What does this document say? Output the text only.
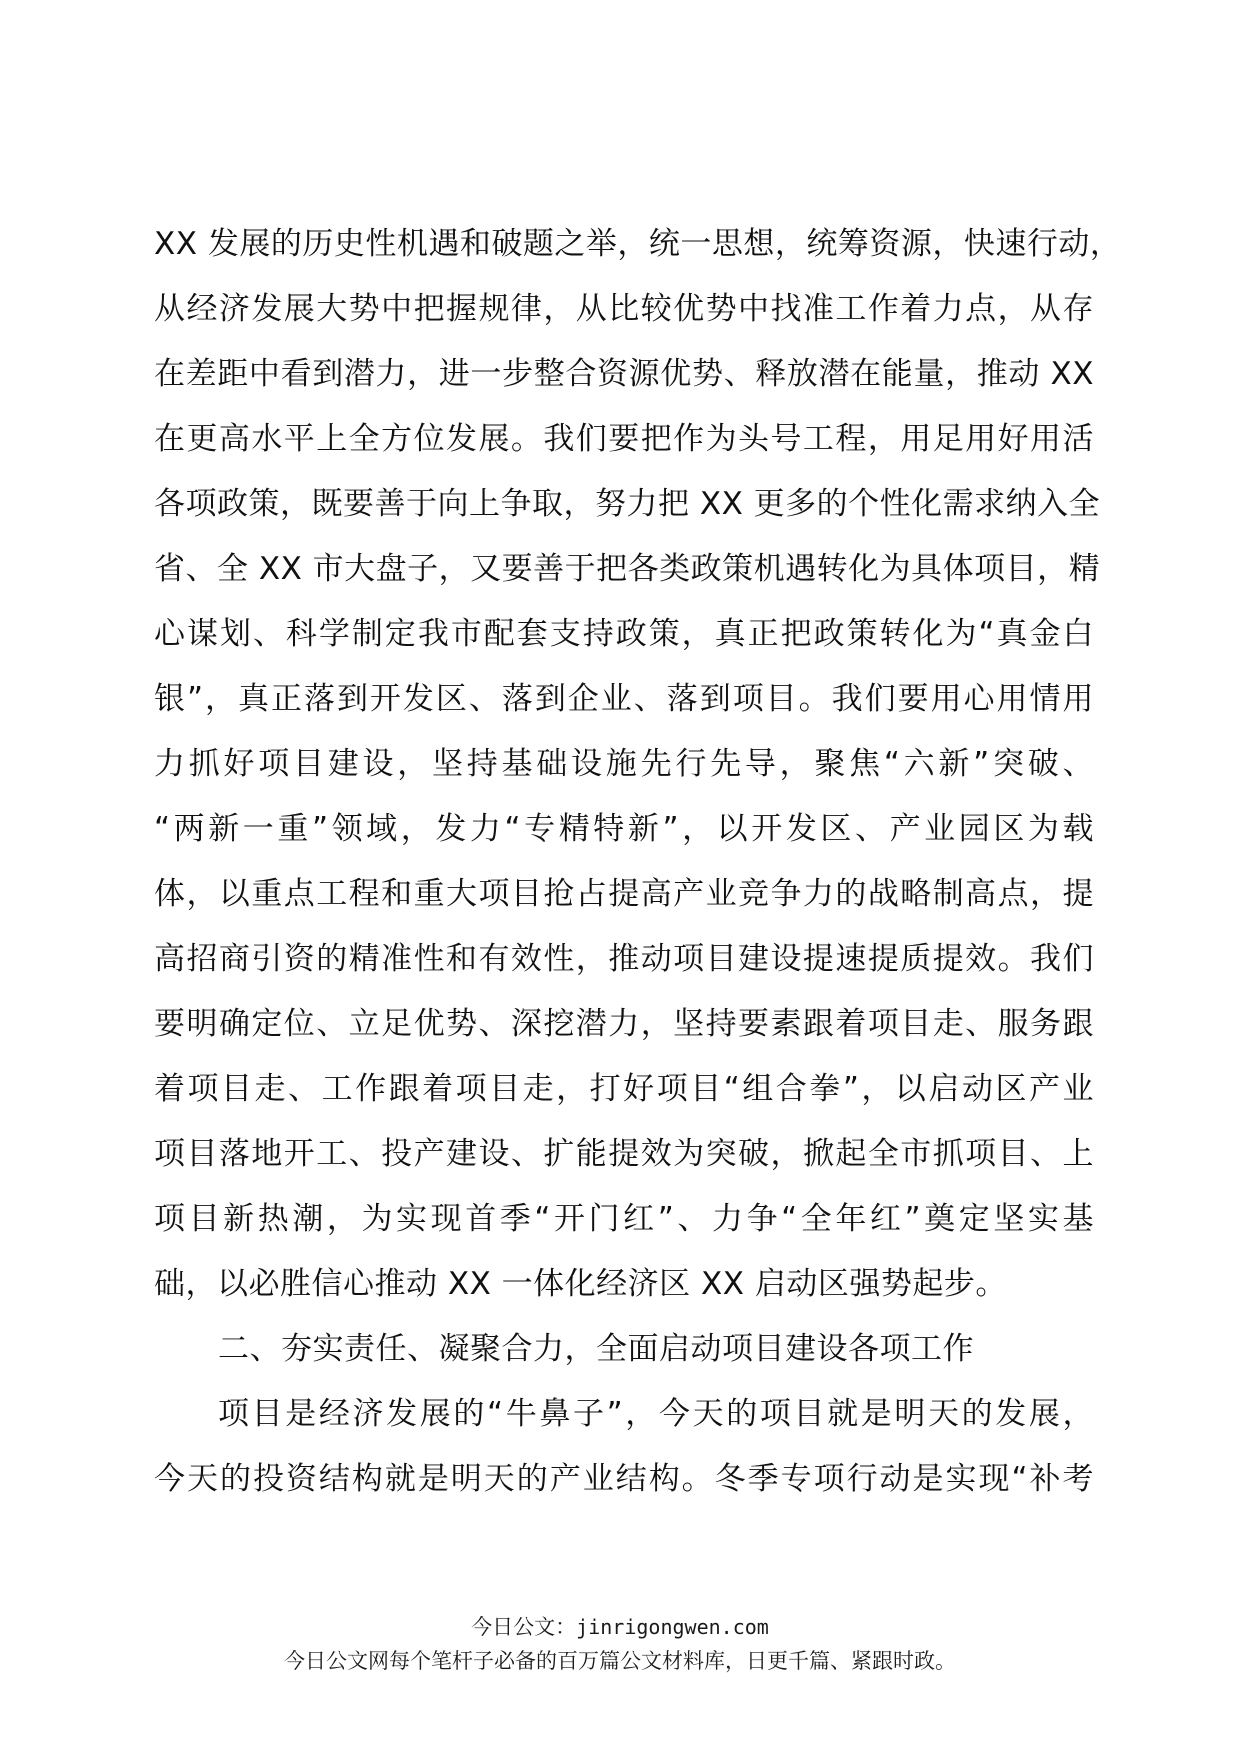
XX 发展的历史性机遇和破题之举，统一思想，统筹资源，快速行动，
从经济发展大势中把握规律，从比较优势中找准工作着力点，从存
在差距中看到潜力，进一步整合资源优势、释放潜在能量，推动 XX
在更高水平上全方位发展。我们要把作为头号工程，用足用好用活
各项政策，既要善于向上争取，努力把 XX 更多的个性化需求纳入全
省、全 XX 市大盘子，又要善于把各类政策机遇转化为具体项目，精
心谋划、科学制定我市配套支持政策，真正把政策转化为“真金白
银”，真正落到开发区、落到企业、落到项目。我们要用心用情用
力抓好项目建设，坚持基础设施先行先导，聚焦“六新”突破、
“两新一重”领域，发力“专精特新”，以开发区、产业园区为载
体，以重点工程和重大项目抢占提高产业竞争力的战略制高点，提
高招商引资的精准性和有效性，推动项目建设提速提质提效。我们
要明确定位、立足优势、深挖潜力，坚持要素跟着项目走、服务跟
着项目走、工作跟着项目走，打好项目“组合拳”，以启动区产业
项目落地开工、投产建设、扩能提效为突破，掀起全市抓项目、上
项目新热潮，为实现首季“开门红”、力争“全年红”奠定坚实基
础，以必胜信心推动 XX 一体化经济区 XX 启动区强势起步。
二、夯实责任、凝聚合力，全面启动项目建设各项工作
项目是经济发展的“牛鼻子”，今天的项目就是明天的发展，
今天的投资结构就是明天的产业结构。冬季专项行动是实现“补考
今日公文：jinrigongwen.com
今日公文网每个笔杆子必备的百万篇公文材料库，日更千篇、紧跟时政。
